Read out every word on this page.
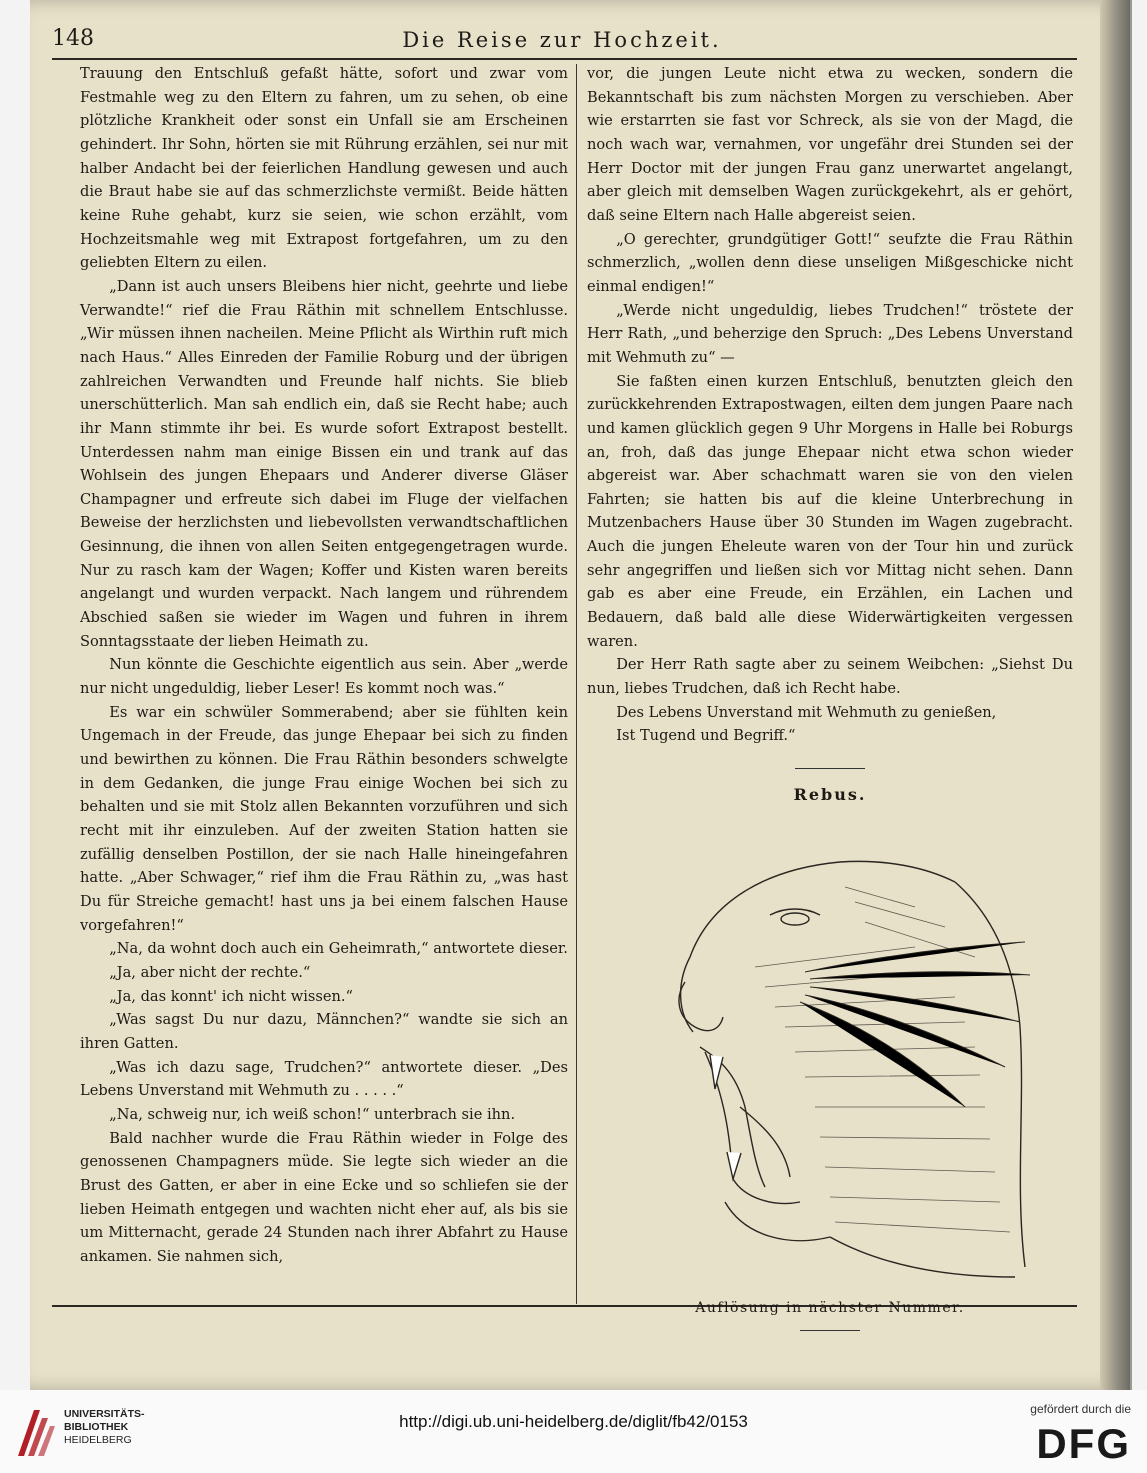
148	Die Reise zur Hochzeit.

Trauung den Entschluß gefaßt hätte, sofort und zwar vom Festmahle weg zu den Eltern zu fahren, um zu sehen, ob eine plötzliche Krankheit oder sonst ein Unfall sie am Erscheinen gehindert. Ihr Sohn, hörten sie mit Rührung erzählen, sei nur mit halber Andacht bei der feierlichen Handlung gewesen und auch die Braut habe sie auf das schmerzlichste vermißt. Beide hätten keine Ruhe gehabt, kurz sie seien, wie schon erzählt, vom Hochzeitsmahle weg mit Extrapost fortgefahren, um zu den geliebten Eltern zu eilen.

„Dann ist auch unsers Bleibens hier nicht, geehrte und liebe Verwandte!“ rief die Frau Räthin mit schnellem Entschlusse. „Wir müssen ihnen nacheilen. Meine Pflicht als Wirthin ruft mich nach Haus.“ Alles Einreden der Familie Roburg und der übrigen zahlreichen Verwandten und Freunde half nichts. Sie blieb unerschütterlich. Man sah endlich ein, daß sie Recht habe; auch ihr Mann stimmte ihr bei. Es wurde sofort Extrapost bestellt. Unterdessen nahm man einige Bissen ein und trank auf das Wohlsein des jungen Ehepaars und Anderer diverse Gläser Champagner und erfreute sich dabei im Fluge der vielfachen Beweise der herzlichsten und liebevollsten verwandtschaftlichen Gesinnung, die ihnen von allen Seiten entgegengetragen wurde. Nur zu rasch kam der Wagen; Koffer und Kisten waren bereits angelangt und wurden verpackt. Nach langem und rührendem Abschied saßen sie wieder im Wagen und fuhren in ihrem Sonntagsstaate der lieben Heimath zu.

Nun könnte die Geschichte eigentlich aus sein. Aber „werde nur nicht ungeduldig, lieber Leser! Es kommt noch was.“

Es war ein schwüler Sommerabend; aber sie fühlten kein Ungemach in der Freude, das junge Ehepaar bei sich zu finden und bewirthen zu können. Die Frau Räthin besonders schwelgte in dem Gedanken, die junge Frau einige Wochen bei sich zu behalten und sie mit Stolz allen Bekannten vorzuführen und sich recht mit ihr einzuleben. Auf der zweiten Station hatten sie zufällig denselben Postillon, der sie nach Halle hineingefahren hatte. „Aber Schwager,“ rief ihm die Frau Räthin zu, „was hast Du für Streiche gemacht! hast uns ja bei einem falschen Hause vorgefahren!“

„Na, da wohnt doch auch ein Geheimrath,“ antwortete dieser.

„Ja, aber nicht der rechte.“

„Ja, das konnt' ich nicht wissen.“

„Was sagst Du nur dazu, Männchen?“ wandte sie sich an ihren Gatten.

„Was ich dazu sage, Trudchen?“ antwortete dieser. „Des Lebens Unverstand mit Wehmuth zu . . . . .“

„Na, schweig nur, ich weiß schon!“ unterbrach sie ihn.

Bald nachher wurde die Frau Räthin wieder in Folge des genossenen Champagners müde. Sie legte sich wieder an die Brust des Gatten, er aber in eine Ecke und so schliefen sie der lieben Heimath entgegen und wachten nicht eher auf, als bis sie um Mitternacht, gerade 24 Stunden nach ihrer Abfahrt zu Hause ankamen. Sie nahmen sich,

vor, die jungen Leute nicht etwa zu wecken, sondern die Bekanntschaft bis zum nächsten Morgen zu verschieben. Aber wie erstarrten sie fast vor Schreck, als sie von der Magd, die noch wach war, vernahmen, vor ungefähr drei Stunden sei der Herr Doctor mit der jungen Frau ganz unerwartet angelangt, aber gleich mit demselben Wagen zurückgekehrt, als er gehört, daß seine Eltern nach Halle abgereist seien.

„O gerechter, grundgütiger Gott!“ seufzte die Frau Räthin schmerzlich, „wollen denn diese unseligen Mißgeschicke nicht einmal endigen!“

„Werde nicht ungeduldig, liebes Trudchen!“ tröstete der Herr Rath, „und beherzige den Spruch: „Des Lebens Unverstand mit Wehmuth zu“ —

Sie faßten einen kurzen Entschluß, benutzten gleich den zurückkehrenden Extrapostwagen, eilten dem jungen Paare nach und kamen glücklich gegen 9 Uhr Morgens in Halle bei Roburgs an, froh, daß das junge Ehepaar nicht etwa schon wieder abgereist war. Aber schachmatt waren sie von den vielen Fahrten; sie hatten bis auf die kleine Unterbrechung in Mutzenbachers Hause über 30 Stunden im Wagen zugebracht. Auch die jungen Eheleute waren von der Tour hin und zurück sehr angegriffen und ließen sich vor Mittag nicht sehen. Dann gab es aber eine Freude, ein Erzählen, ein Lachen und Bedauern, daß bald alle diese Widerwärtigkeiten vergessen waren.

Der Herr Rath sagte aber zu seinem Weibchen: „Siehst Du nun, liebes Trudchen, daß ich Recht habe.

Des Lebens Unverstand mit Wehmuth zu genießen,

Ist Tugend und Begriff.“

Rebus.

Auflösung in nächster Nummer.

UNIVERSITÄTS-
BIBLIOTHEK
HEIDELBERG
http://digi.ub.uni-heidelberg.de/diglit/fb42/0153
gefördert durch die
DFG
